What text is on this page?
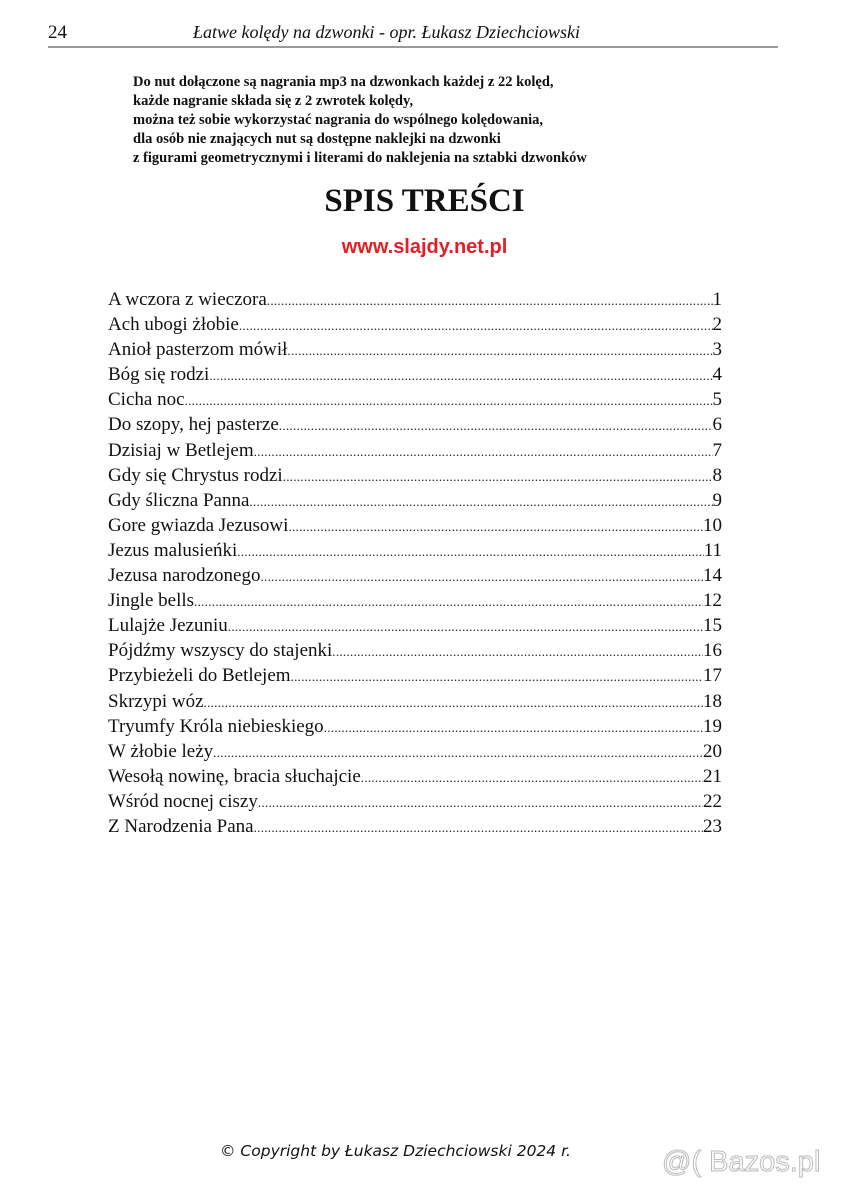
24	Łatwe kolędy na dzwonki - opr. Łukasz Dziechciowski
Do nut dołączone są nagrania mp3 na dzwonkach każdej z 22 kolęd,
każde nagranie składa się z 2 zwrotek kolędy,
można też sobie wykorzystać nagrania do wspólnego kolędowania,
dla osób nie znających nut są dostępne naklejki na dzwonki
z figurami geometrycznymi i literami do naklejenia na sztabki dzwonków
SPIS TREŚCI
www.slajdy.net.pl
A wczora z wieczora .....	1
Ach ubogi żłobie .....	2
Anioł pasterzom mówił .....	3
Bóg się rodzi .....	4
Cicha noc .....	5
Do szopy, hej pasterze .....	6
Dzisiaj w Betlejem .....	7
Gdy się Chrystus rodzi .....	8
Gdy śliczna Panna .....	9
Gore gwiazda Jezusowi .....	10
Jezus malusieńki .....	11
Jezusa narodzonego .....	14
Jingle bells .....	12
Lulajże Jezuniu .....	15
Pójdźmy wszyscy do stajenki .....	16
Przybieżeli do Betlejem .....	17
Skrzypi wóz .....	18
Tryumfy Króla niebieskiego .....	19
W żłobie leży .....	20
Wesołą nowinę, bracia słuchajcie .....	21
Wśród nocnej ciszy .....	22
Z Narodzenia Pana .....	23
© Copyright by Łukasz Dziechciowski 2024 r.	@( Bazos.pl
